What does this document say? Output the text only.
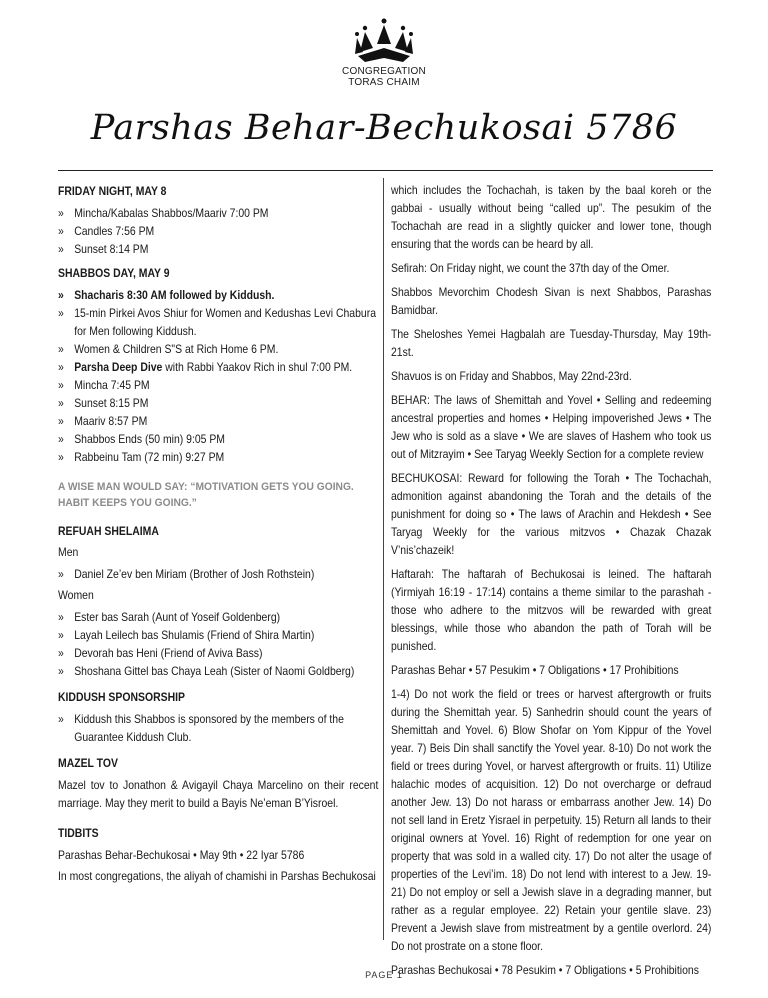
CONGREGATION
TORAS CHAIM
Parshas Behar-Bechukosai 5786

FRIDAY NIGHT, MAY 8

» Mincha/Kabalas Shabbos/Maariv 7:00 PM
» Candles 7:56 PM
» Sunset 8:14 PM

SHABBOS DAY, MAY 9

» Shacharis 8:30 AM followed by Kiddush.
» 15-min Pirkei Avos Shiur for Women and Kedushas Levi Chabura for Men following Kiddush.
» Women & Children S"S at Rich Home 6 PM.
» Parsha Deep Dive with Rabbi Yaakov Rich in shul 7:00 PM.
» Mincha 7:45 PM
» Sunset 8:15 PM
» Maariv 8:57 PM
» Shabbos Ends (50 min) 9:05 PM
» Rabbeinu Tam (72 min) 9:27 PM

A WISE MAN WOULD SAY: “MOTIVATION GETS YOU GOING. HABIT KEEPS YOU GOING.”

REFUAH SHELAIMA

Men

» Daniel Ze’ev ben Miriam (Brother of Josh Rothstein)

Women

» Ester bas Sarah (Aunt of Yoseif Goldenberg)
» Layah Leilech bas Shulamis (Friend of Shira Martin)
» Devorah bas Heni (Friend of Aviva Bass)
» Shoshana Gittel bas Chaya Leah (Sister of Naomi Goldberg)

KIDDUSH SPONSORSHIP

» Kiddush this Shabbos is sponsored by the members of the Guarantee Kiddush Club.

MAZEL TOV

Mazel tov to Jonathon & Avigayil Chaya Marcelino on their recent marriage. May they merit to build a Bayis Ne’eman B’Yisroel.

TIDBITS

Parashas Behar-Bechukosai • May 9th • 22 Iyar 5786

In most congregations, the aliyah of chamishi in Parshas Bechukosai

which includes the Tochachah, is taken by the baal koreh or the gabbai - usually without being “called up”. The pesukim of the Tochachah are read in a slightly quicker and lower tone, though ensuring that the words can be heard by all.

Sefirah: On Friday night, we count the 37th day of the Omer.

Shabbos Mevorchim Chodesh Sivan is next Shabbos, Parashas Bamidbar.

The Sheloshes Yemei Hagbalah are Tuesday-Thursday, May 19th-21st.

Shavuos is on Friday and Shabbos, May 22nd-23rd.

BEHAR: The laws of Shemittah and Yovel • Selling and redeeming ancestral properties and homes • Helping impoverished Jews • The Jew who is sold as a slave • We are slaves of Hashem who took us out of Mitzrayim • See Taryag Weekly Section for a complete review

BECHUKOSAI: Reward for following the Torah • The Tochachah, admonition against abandoning the Torah and the details of the punishment for doing so • The laws of Arachin and Hekdesh • See Taryag Weekly for the various mitzvos • Chazak Chazak V’nis’chazeik!

Haftarah: The haftarah of Bechukosai is leined. The haftarah (Yirmiyah 16:19 - 17:14) contains a theme similar to the parashah - those who adhere to the mitzvos will be rewarded with great blessings, while those who abandon the path of Torah will be punished.

Parashas Behar • 57 Pesukim • 7 Obligations • 17 Prohibitions

1-4) Do not work the field or trees or harvest aftergrowth or fruits during the Shemittah year. 5) Sanhedrin should count the years of Shemittah and Yovel. 6) Blow Shofar on Yom Kippur of the Yovel year. 7) Beis Din shall sanctify the Yovel year. 8-10) Do not work the field or trees during Yovel, or harvest aftergrowth or fruits. 11) Utilize halachic modes of acquisition. 12) Do not overcharge or defraud another Jew. 13) Do not harass or embarrass another Jew. 14) Do not sell land in Eretz Yisrael in perpetuity. 15) Return all lands to their original owners at Yovel. 16) Right of redemption for one year on property that was sold in a walled city. 17) Do not alter the usage of properties of the Levi’im. 18) Do not lend with interest to a Jew. 19-21) Do not employ or sell a Jewish slave in a degrading manner, but rather as a regular employee. 22) Retain your gentile slave. 23) Prevent a Jewish slave from mistreatment by a gentile overlord. 24) Do not prostrate on a stone floor.

Parashas Bechukosai • 78 Pesukim • 7 Obligations • 5 Prohibitions

PAGE 1
